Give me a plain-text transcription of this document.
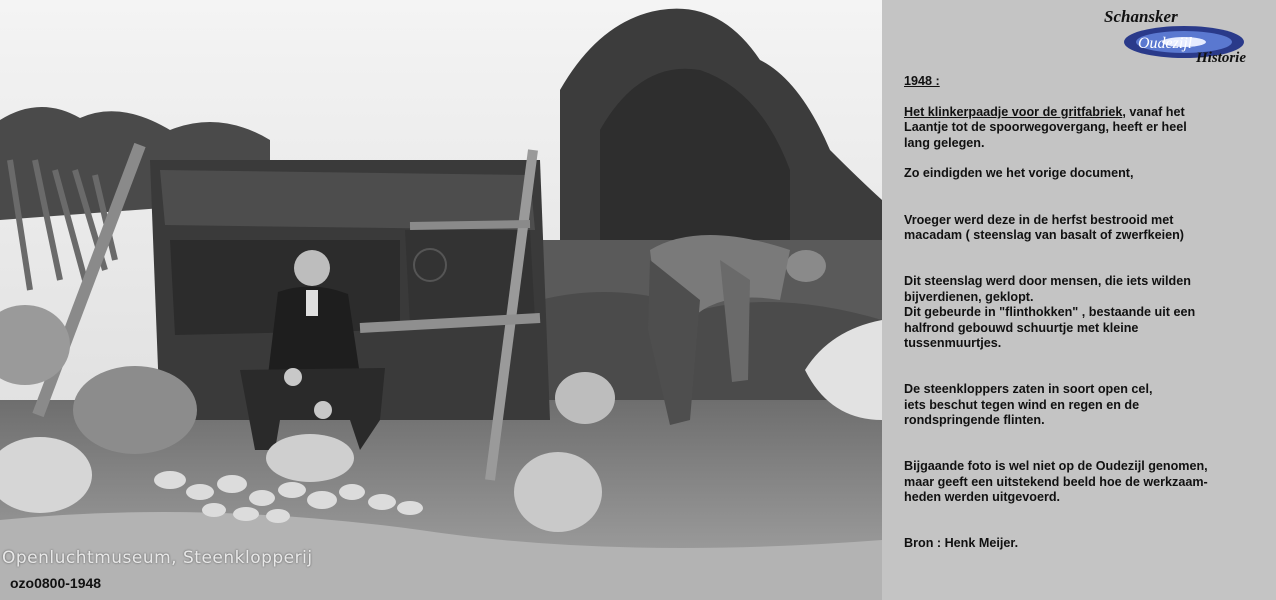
Openluchtmuseum, Steenklopperij
ozo0800-1948
Schansker
Oudezijl
Historie

1948 :

Het klinkerpaadje voor de gritfabriek, vanaf het

Laantje tot de spoorwegovergang, heeft er heel

lang gelegen.

Zo eindigden we het vorige document,

Vroeger werd deze in de herfst bestrooid met

macadam ( steenslag van basalt of zwerfkeien)

Dit steenslag werd door mensen, die iets wilden

bijverdienen, geklopt.

Dit gebeurde in "flinthokken" , bestaande uit een

halfrond gebouwd schuurtje met kleine

tussenmuurtjes.

De steenkloppers zaten in soort open cel,

iets beschut tegen wind en regen en de

rondspringende flinten.

Bijgaande foto is wel niet op de Oudezijl genomen,

maar geeft een uitstekend beeld hoe de werkzaam-

heden werden uitgevoerd.

Bron : Henk Meijer.
